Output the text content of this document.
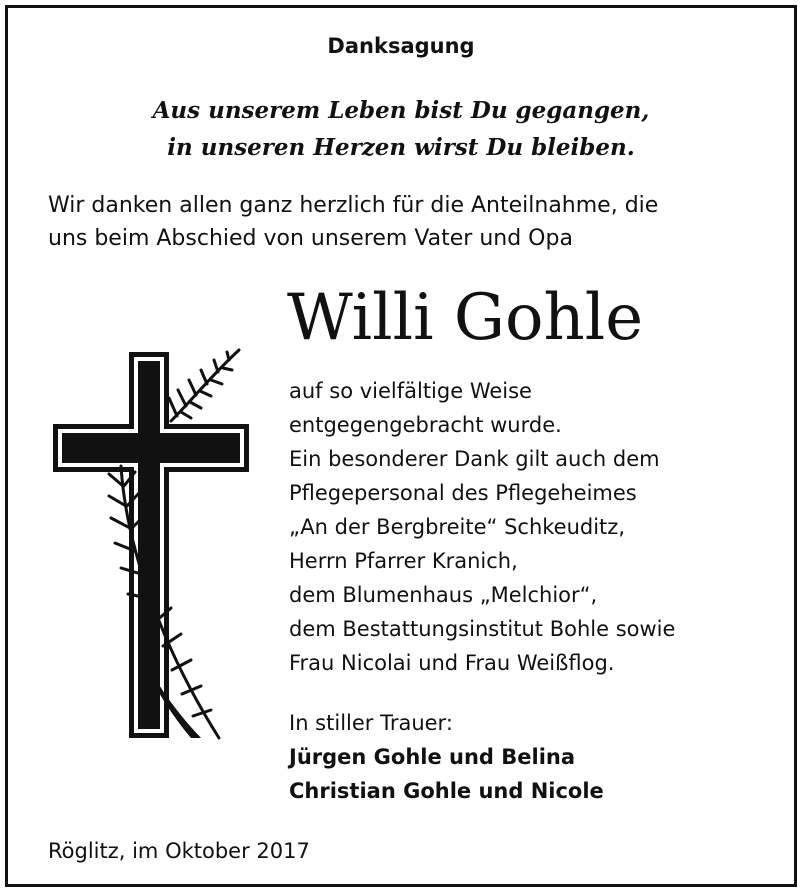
Danksagung
Aus unserem Leben bist Du gegangen,
in unseren Herzen wirst Du bleiben.
Wir danken allen ganz herzlich für die Anteilnahme, die
uns beim Abschied von unserem Vater und Opa
Willi Gohle
auf so vielfältige Weise
entgegengebracht wurde.
Ein besonderer Dank gilt auch dem
Pflegepersonal des Pflegeheimes
„An der Bergbreite“ Schkeuditz,
Herrn Pfarrer Kranich,
dem Blumenhaus „Melchior“,
dem Bestattungsinstitut Bohle sowie
Frau Nicolai und Frau Weißflog.
In stiller Trauer:
Jürgen Gohle und Belina
Christian Gohle und Nicole
Röglitz, im Oktober 2017
